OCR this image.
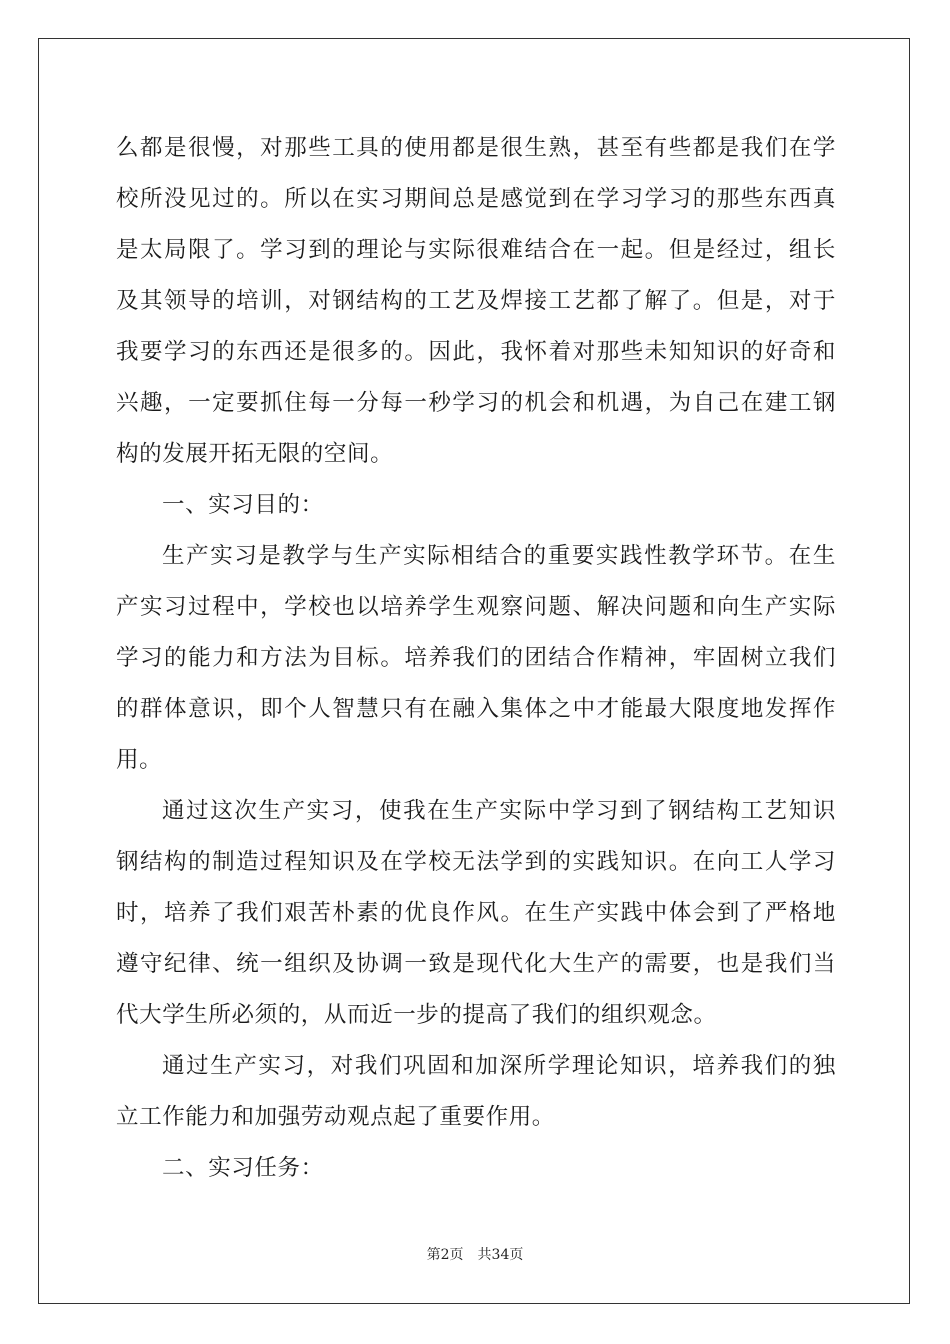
么都是很慢，对那些工具的使用都是很生熟，甚至有些都是我们在学
校所没见过的。所以在实习期间总是感觉到在学习学习的那些东西真
是太局限了。学习到的理论与实际很难结合在一起。但是经过，组长
及其领导的培训，对钢结构的工艺及焊接工艺都了解了。但是，对于
我要学习的东西还是很多的。因此，我怀着对那些未知知识的好奇和
兴趣，一定要抓住每一分每一秒学习的机会和机遇，为自己在建工钢
构的发展开拓无限的空间。
一、实习目的：
生产实习是教学与生产实际相结合的重要实践性教学环节。在生
产实习过程中，学校也以培养学生观察问题、解决问题和向生产实际
学习的能力和方法为目标。培养我们的团结合作精神，牢固树立我们
的群体意识，即个人智慧只有在融入集体之中才能最大限度地发挥作
用。
通过这次生产实习，使我在生产实际中学习到了钢结构工艺知识
钢结构的制造过程知识及在学校无法学到的实践知识。在向工人学习
时，培养了我们艰苦朴素的优良作风。在生产实践中体会到了严格地
遵守纪律、统一组织及协调一致是现代化大生产的需要，也是我们当
代大学生所必须的，从而近一步的提高了我们的组织观念。
通过生产实习，对我们巩固和加深所学理论知识，培养我们的独
立工作能力和加强劳动观点起了重要作用。
二、实习任务：
第2页 共34页
